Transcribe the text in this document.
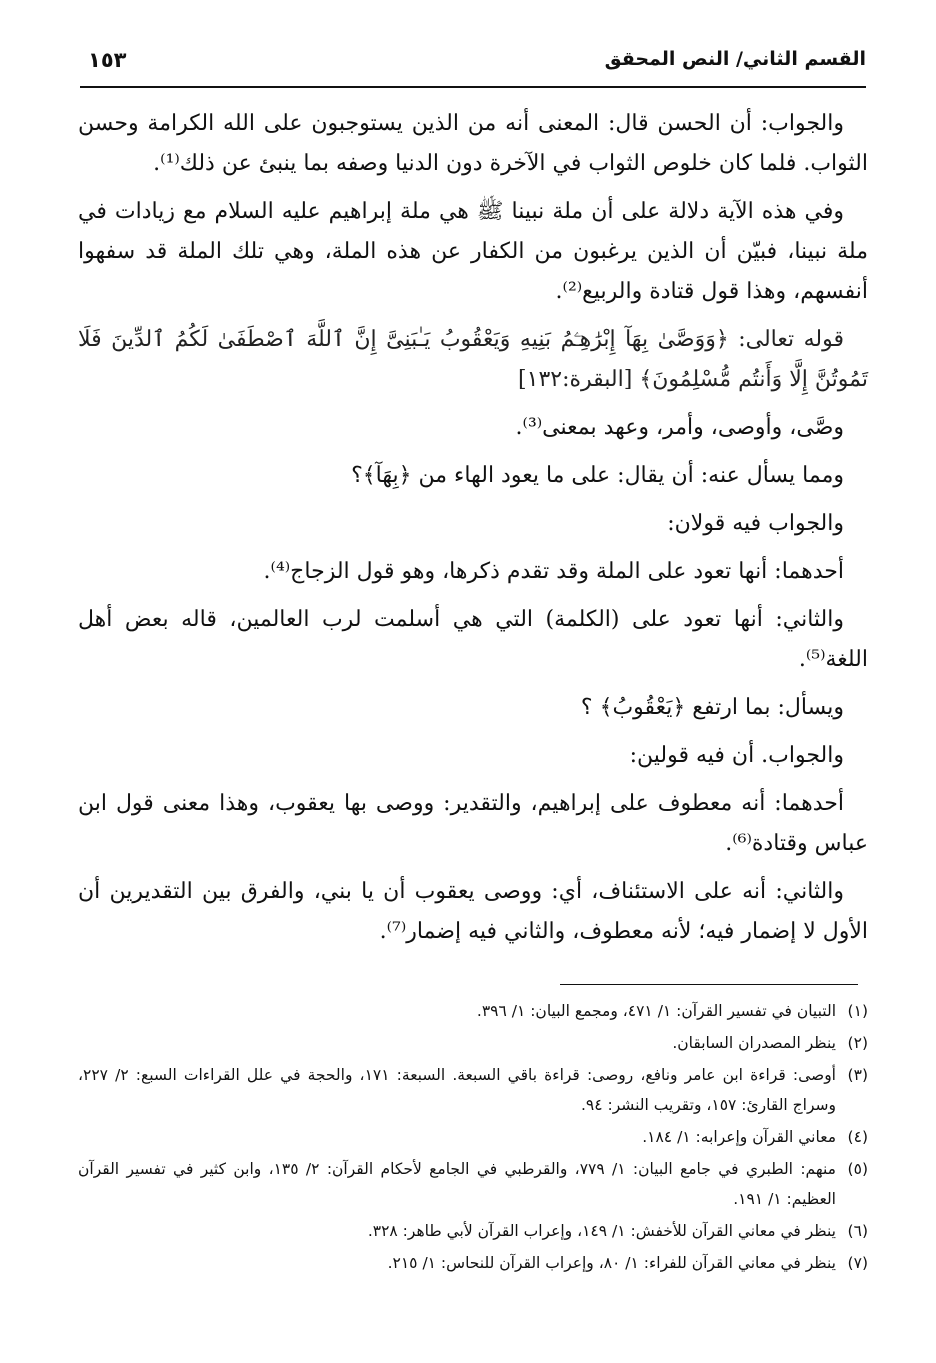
القسم الثاني/ النص المحقق
١٥٣

والجواب: أن الحسن قال: المعنى أنه من الذين يستوجبون على الله الكرامة وحسن الثواب. فلما كان خلوص الثواب في الآخرة دون الدنيا وصفه بما ينبئ عن ذلك⁽¹⁾.

وفي هذه الآية دلالة على أن ملة نبينا ﷺ هي ملة إبراهيم عليه السلام مع زيادات في ملة نبينا، فبيّن أن الذين يرغبون من الكفار عن هذه الملة، وهي تلك الملة قد سفهوا أنفسهم، وهذا قول قتادة والربيع⁽²⁾.

قوله تعالى: ﴿وَوَصَّىٰ بِهَآ إِبْرَٰهِـۧمُ بَنِيهِ وَيَعْقُوبُ يَـٰبَنِىَّ إِنَّ ٱللَّهَ ٱصْطَفَىٰ لَكُمُ ٱلدِّينَ فَلَا تَمُوتُنَّ إِلَّا وَأَنتُم مُّسْلِمُونَ﴾ [البقرة:١٣٢]

وصَّى، وأوصى، وأمر، وعهد بمعنى⁽³⁾.

ومما يسأل عنه: أن يقال: على ما يعود الهاء من ﴿بِهَآ﴾؟

والجواب فيه قولان:

أحدهما: أنها تعود على الملة وقد تقدم ذكرها، وهو قول الزجاج⁽⁴⁾.

والثاني: أنها تعود على (الكلمة) التي هي أسلمت لرب العالمين، قاله بعض أهل اللغة⁽⁵⁾.

ويسأل: بما ارتفع ﴿يَعْقُوبُ﴾ ؟

والجواب. أن فيه قولين:

أحدهما: أنه معطوف على إبراهيم، والتقدير: ووصى بها يعقوب، وهذا معنى قول ابن عباس وقتادة⁽⁶⁾.

والثاني: أنه على الاستئناف، أي: ووصى يعقوب أن يا بني، والفرق بين التقديرين أن الأول لا إضمار فيه؛ لأنه معطوف، والثاني فيه إضمار⁽⁷⁾.

(١)
التبيان في تفسير القرآن: ١/ ٤٧١، ومجمع البيان: ١/ ٣٩٦.
(٢)
ينظر المصدران السابقان.
(٣)
أوصى: قراءة ابن عامر ونافع، روصى: قراءة باقي السبعة. السبعة: ١٧١، والحجة في علل القراءات السبع: ٢/ ٢٢٧، وسراج القارئ: ١٥٧، وتقريب النشر: ٩٤.
(٤)
معاني القرآن وإعرابه: ١/ ١٨٤.
(٥)
منهم: الطبري في جامع البيان: ١/ ٧٧٩، والقرطبي في الجامع لأحكام القرآن: ٢/ ١٣٥، وابن كثير في تفسير القرآن العظيم: ١/ ١٩١.
(٦)
ينظر في معاني القرآن للأخفش: ١/ ١٤٩، وإعراب القرآن لأبي طاهر: ٣٢٨.
(٧)
ينظر في معاني القرآن للفراء: ١/ ٨٠، وإعراب القرآن للنحاس: ١/ ٢١٥.
